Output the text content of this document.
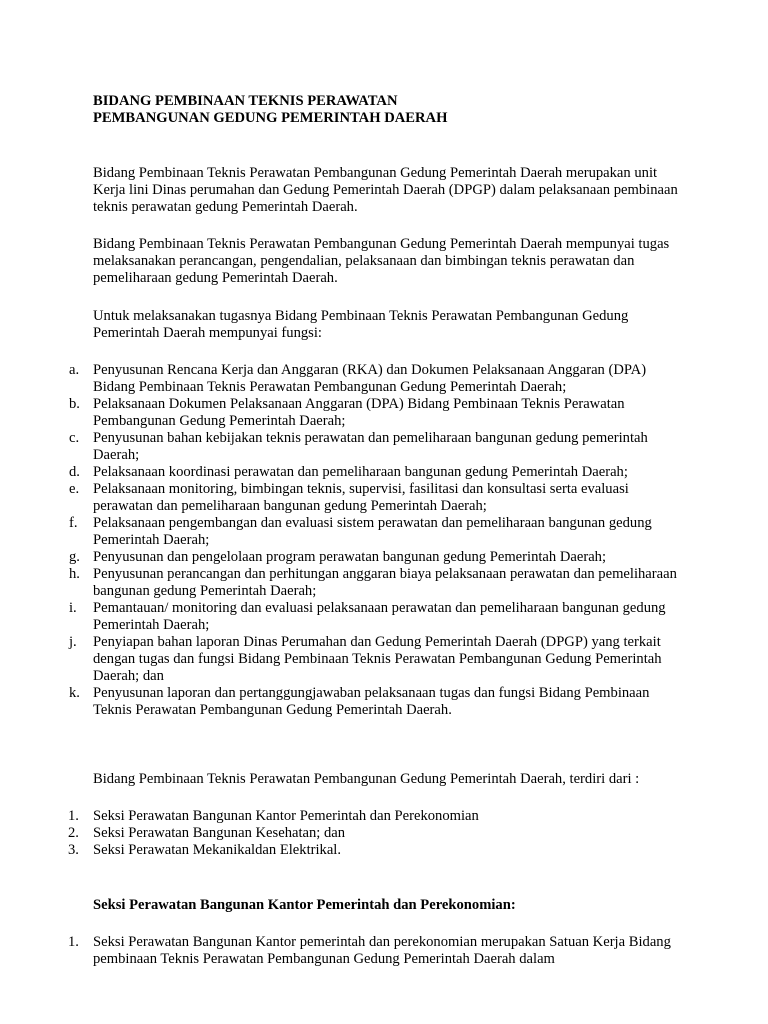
BIDANG PEMBINAAN TEKNIS PERAWATAN
PEMBANGUNAN GEDUNG PEMERINTAH DAERAH

Bidang Pembinaan Teknis Perawatan Pembangunan Gedung Pemerintah Daerah merupakan unit Kerja lini Dinas perumahan dan Gedung Pemerintah Daerah (DPGP) dalam pelaksanaan pembinaan teknis perawatan gedung Pemerintah Daerah.

Bidang Pembinaan Teknis Perawatan Pembangunan Gedung Pemerintah Daerah mempunyai tugas melaksanakan perancangan, pengendalian, pelaksanaan dan bimbingan teknis perawatan dan pemeliharaan gedung Pemerintah Daerah.

Untuk melaksanakan tugasnya Bidang Pembinaan Teknis Perawatan Pembangunan Gedung Pemerintah Daerah mempunyai fungsi:

a. Penyusunan Rencana Kerja dan Anggaran (RKA) dan Dokumen Pelaksanaan Anggaran (DPA) Bidang Pembinaan Teknis Perawatan Pembangunan Gedung Pemerintah Daerah;
b. Pelaksanaan Dokumen Pelaksanaan Anggaran (DPA) Bidang Pembinaan Teknis Perawatan Pembangunan Gedung Pemerintah Daerah;
c. Penyusunan bahan kebijakan teknis perawatan dan pemeliharaan bangunan gedung pemerintah Daerah;
d. Pelaksanaan koordinasi perawatan dan pemeliharaan bangunan gedung Pemerintah Daerah;
e. Pelaksanaan monitoring, bimbingan teknis, supervisi, fasilitasi dan konsultasi serta evaluasi perawatan dan pemeliharaan bangunan gedung Pemerintah Daerah;
f. Pelaksanaan pengembangan dan evaluasi sistem perawatan dan pemeliharaan bangunan gedung Pemerintah Daerah;
g. Penyusunan dan pengelolaan program perawatan bangunan gedung Pemerintah Daerah;
h. Penyusunan perancangan dan perhitungan anggaran biaya pelaksanaan perawatan dan pemeliharaan bangunan gedung Pemerintah Daerah;
i. Pemantauan/ monitoring dan evaluasi pelaksanaan perawatan dan pemeliharaan bangunan gedung Pemerintah Daerah;
j. Penyiapan bahan laporan Dinas Perumahan dan Gedung Pemerintah Daerah (DPGP) yang terkait dengan tugas dan fungsi Bidang Pembinaan Teknis Perawatan Pembangunan Gedung Pemerintah Daerah; dan
k. Penyusunan laporan dan pertanggungjawaban pelaksanaan tugas dan fungsi Bidang Pembinaan Teknis Perawatan Pembangunan Gedung Pemerintah Daerah.

Bidang Pembinaan Teknis Perawatan Pembangunan Gedung Pemerintah Daerah, terdiri dari :

1. Seksi Perawatan Bangunan Kantor Pemerintah dan Perekonomian
2. Seksi Perawatan Bangunan Kesehatan; dan
3. Seksi Perawatan Mekanikaldan Elektrikal.

Seksi Perawatan Bangunan Kantor Pemerintah dan Perekonomian:

1. Seksi Perawatan Bangunan Kantor pemerintah dan perekonomian merupakan Satuan Kerja Bidang pembinaan Teknis Perawatan Pembangunan Gedung Pemerintah Daerah dalam
